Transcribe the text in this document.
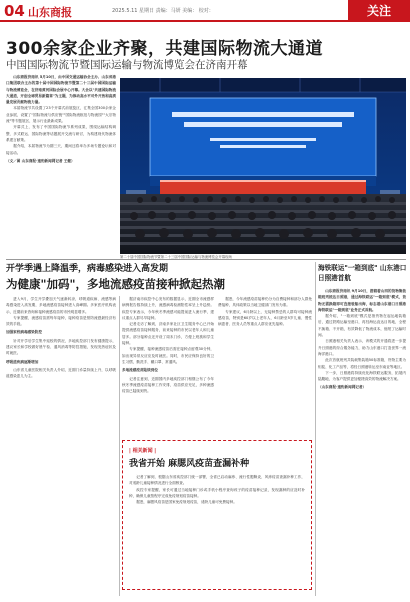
04 山东商报	2025.5.11 星期日 责编：马妍 美编： 校对：	关注
300余家企业齐聚，共建国际物流大通道
中国国际物流节暨国际运输与物流博览会在济南开幕

山东商报济南讯 5月10日，由中国交通运输协会主办、山东省港口集团联合主办的第十届中国国际物流节暨第二十三届中国国际运输与物流博览会，在济南黄河国际会展中心开幕。大会以"共建国际物流大通道，开创全球贸易新篇章"为主题，为推动高水平对外开放和高质量发展贡献物流力量。

本届物流节共设置了23个开幕式前展览区，汇集全国300余家企业参展，设置了"国际物流与供应链""国际物流枢纽与物流园""大宗物流"等专题展区，展示行业最新成果。

开幕式上，发布了中国国际物流节系列成果，围绕运输结构调整、多式联运、国际物流等话题展开交流与研讨，为构建现代物流体系建言献策。

据介绍，本届物流节为期三天，期间还将举办多场专题论坛和对接活动。

（文／图 山东商报·速豹新闻网记者 王健）

第二十届中国国际物流节暨第二十三届中国国际运输与物流博览会开幕现场
开学季遇上降温季，病毒感染进入高发期
为健康"加码"，多地流感疫苗接种掀起热潮

进入9月，学生开学叠加天气逐渐转凉，呼吸道疾病、流感等病毒感染进入高发期，多地流感疫苗接种进入高峰期。多家医疗机构表示，近期前来咨询和接种流感疫苗的市民明显增多。

专家提醒，流感疫苗需每年接种，接种疫苗是预防流感最经济有效的手段。

加强家校病毒感染防控

针对开学后学生集中返校的情况，多地疾控部门发布健康提示，建议家长和学校做好晨午检、通风消毒等防控措施，发现发热症状及时就医。

呼吸道疾病逐渐增加

山东省儿童医院相关负责人介绍，近期门诊量持续上升，以呼吸道感染患儿为主。

据济南市疾控中心发布的数据显示，近期全市流感样病例报告数持续上升，流感病毒检测阳性率呈上升趋势。疾控专家表示，今年秋冬季流感可能提前进入流行季，建议重点人群尽早接种。

记者走访了解到，济南多家社区卫生服务中心已开始提供流感疫苗接种服务，前来接种的市民以老年人和儿童居多。部分接种点还开设了周末门诊，方便上班族和学生接种。

专家提醒，接种流感疫苗后需在接种点留观30分钟，如出现异常反应应及时就医。同时，市民应保持良好的卫生习惯，勤洗手、戴口罩、常通风。

多地流感疫苗陆续到位

记者注意到，近期国内多地疾控部门相继公布了今年秋冬季流感疫苗接种工作安排，疫苗供应充足，多种流感疫苗已陆续到货。

据悉，今年流感疫苗接种仍分为自费接种和部分人群免费接种，具体政策以当地卫健部门发布为准。

专家建议，6月龄以上、无接种禁忌的人群均可接种流感疫苗，特别是60岁以上老年人、6月龄至5岁儿童、慢性病患者、医务人员等重点人群应优先接种。

| 相关新闻 |
我省开始 麻腮风疫苗查漏补种

记者了解到，根据山东省疾控部门统一部署，全省已启动麻疹、流行性腮腺炎、风疹疫苗查漏补种工作，对适龄儿童接种情况进行全面核查。

疾控专家提醒，家长可通过当地接种门诊或手机小程序查询孩子的疫苗接种记录，发现漏种的应及时补种，确保儿童按程序完成免疫规划疫苗接种。

据悉，麻腮风疫苗是国家免疫规划疫苗，适龄儿童可免费接种。

海铁联运"一箱到底" 山东港口日照港首航

山东商报济南讯 9月10日，搭载着山西的货物集装箱班列抵达日照港，通过海铁联运"一箱到底"模式，货物无需换箱即可直接装船出海，标志着山东港口日照港海铁联运"一箱到底"业务正式首航。

据介绍，"一箱到底"模式是指货物在起运地装箱后，通过铁路运输至港口，再经海运直达目的地，全程不换箱、不开箱，有效降低了物流成本，缩短了运输时间。

日照港相关负责人表示，该模式的开通将进一步提升日照港的综合服务能力，助力山东港口打造世界一流海洋港口。

此次首航班列共装载集装箱50标准箱，货物主要为铝锭、化工产品等，将经日照港转运至东南亚等地区。

下一步，日照港将持续优化海铁联运服务，拓展内陆腹地，为客户提供更加便捷高效的物流解决方案。

（山东商报·速豹新闻网记者）
